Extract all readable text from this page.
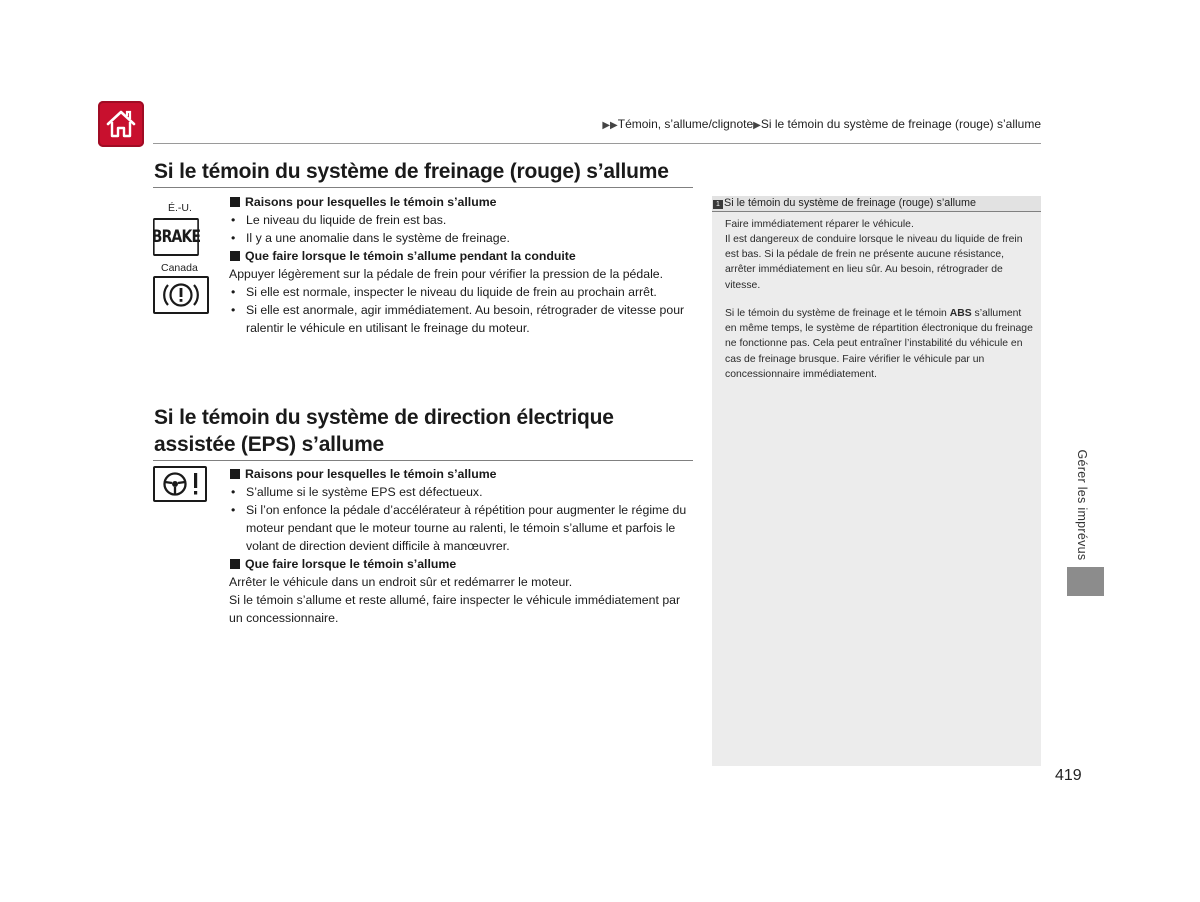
▶▶Témoin, s’allume/clignote▶Si le témoin du système de freinage (rouge) s’allume
Si le témoin du système de freinage (rouge) s’allume
É.-U.
BRAKE
Canada
Raisons pour lesquelles le témoin s’allume
• Le niveau du liquide de frein est bas.
• Il y a une anomalie dans le système de freinage.
Que faire lorsque le témoin s’allume pendant la conduite
Appuyer légèrement sur la pédale de frein pour vérifier la pression de la pédale.
• Si elle est normale, inspecter le niveau du liquide de frein au prochain arrêt.
• Si elle est anormale, agir immédiatement. Au besoin, rétrograder de vitesse pour ralentir le véhicule en utilisant le freinage du moteur.
Si le témoin du système de direction électrique
assistée (EPS) s’allume
Raisons pour lesquelles le témoin s’allume
• S’allume si le système EPS est défectueux.
• Si l’on enfonce la pédale d’accélérateur à répétition pour augmenter le régime du moteur pendant que le moteur tourne au ralenti, le témoin s’allume et parfois le volant de direction devient difficile à manœuvrer.
Que faire lorsque le témoin s’allume
Arrêter le véhicule dans un endroit sûr et redémarrer le moteur.
Si le témoin s’allume et reste allumé, faire inspecter le véhicule immédiatement par un concessionnaire.
1 Si le témoin du système de freinage (rouge) s’allume
Faire immédiatement réparer le véhicule.
Il est dangereux de conduire lorsque le niveau du liquide de frein est bas. Si la pédale de frein ne présente aucune résistance, arrêter immédiatement en lieu sûr. Au besoin, rétrograder de vitesse.
Si le témoin du système de freinage et le témoin ABS s’allument en même temps, le système de répartition électronique du freinage ne fonctionne pas. Cela peut entraîner l’instabilité du véhicule en cas de freinage brusque. Faire vérifier le véhicule par un concessionnaire immédiatement.
Gérer les imprévus
419
